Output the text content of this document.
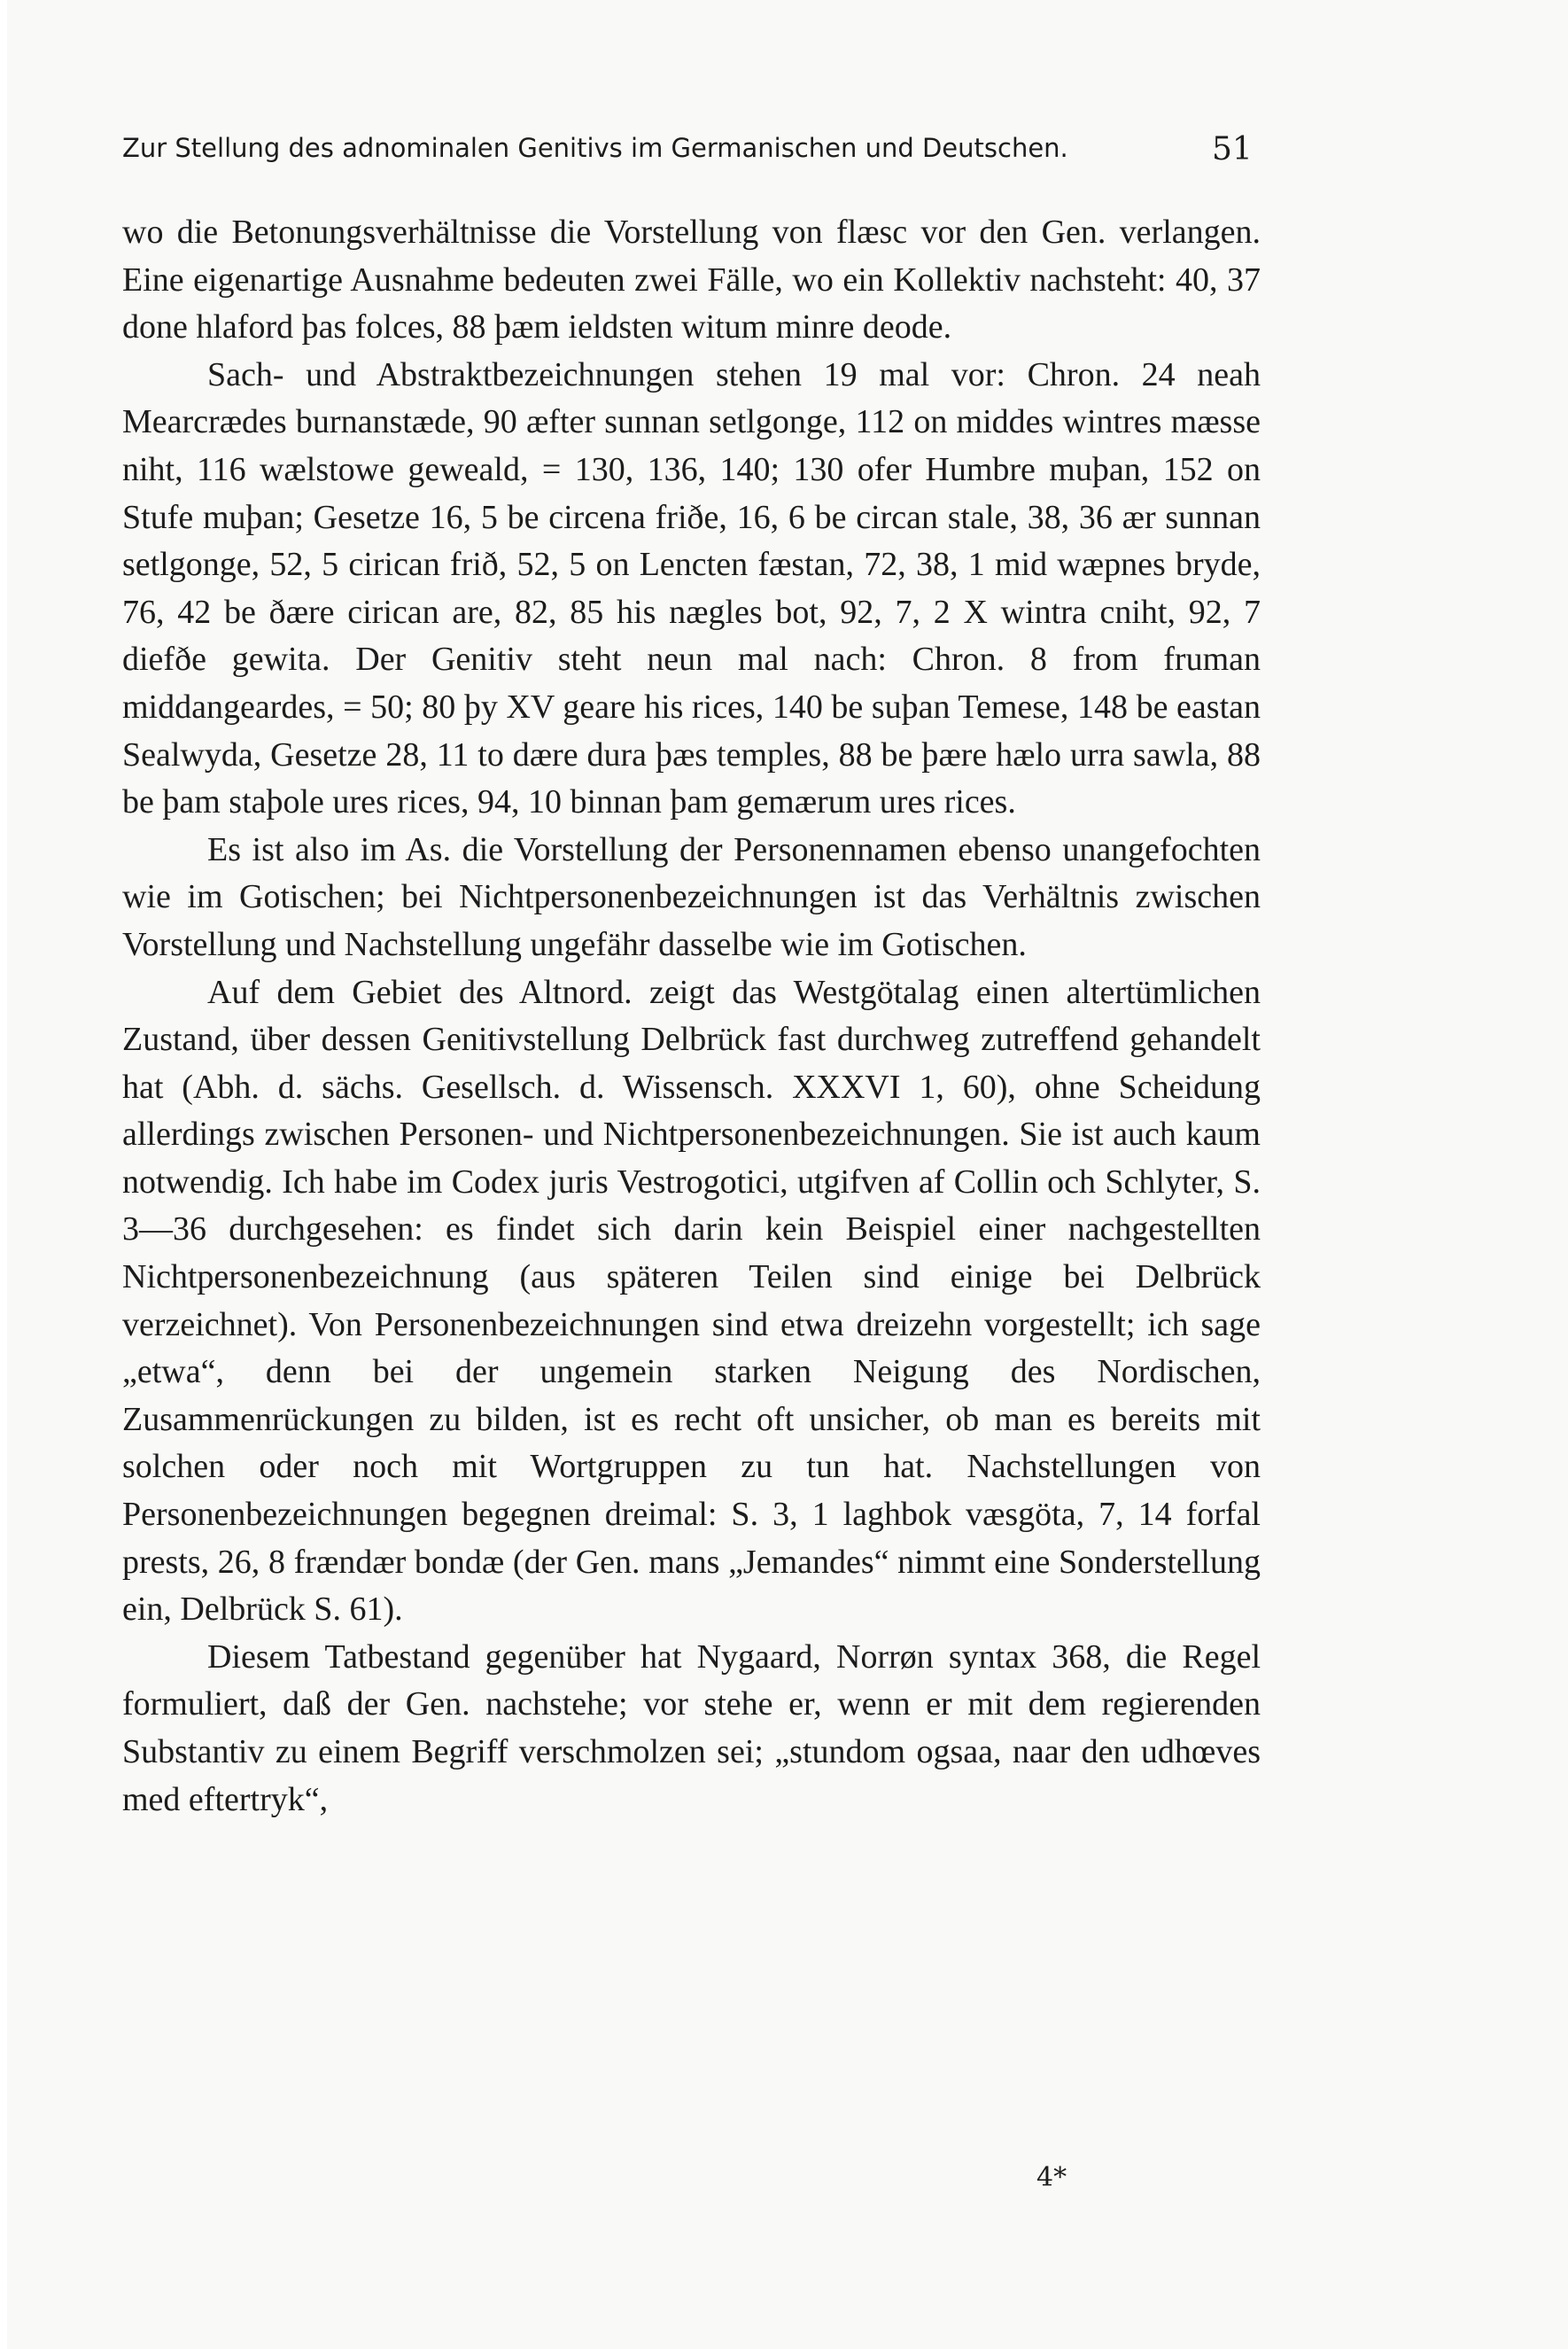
Zur Stellung des adnominalen Genitivs im Germanischen und Deutschen.	51

wo die Betonungsverhältnisse die Vorstellung von flæsc vor den Gen. verlangen. Eine eigenartige Ausnahme bedeuten zwei Fälle, wo ein Kollektiv nachsteht: 40, 37 done hlaford þas folces, 88 þæm ieldsten witum minre deode.

Sach- und Abstraktbezeichnungen stehen 19 mal vor: Chron. 24 neah Mearcrædes burnanstæde, 90 æfter sunnan setlgonge, 112 on middes wintres mæsse niht, 116 wælstowe geweald, = 130, 136, 140; 130 ofer Humbre muþan, 152 on Stufe muþan; Gesetze 16, 5 be circena friðe, 16, 6 be circan stale, 38, 36 ær sunnan setlgonge, 52, 5 cirican frið, 52, 5 on Lencten fæstan, 72, 38, 1 mid wæpnes bryde, 76, 42 be ðære cirican are, 82, 85 his nægles bot, 92, 7, 2 X wintra cniht, 92, 7 diefðe gewita. Der Genitiv steht neun mal nach: Chron. 8 from fruman middangeardes, = 50; 80 þy XV geare his rices, 140 be suþan Temese, 148 be eastan Sealwyda, Gesetze 28, 11 to dære dura þæs temples, 88 be þære hælo urra sawla, 88 be þam staþole ures rices, 94, 10 binnan þam gemærum ures rices.

Es ist also im As. die Vorstellung der Personennamen ebenso unangefochten wie im Gotischen; bei Nichtpersonenbezeichnungen ist das Verhältnis zwischen Vorstellung und Nachstellung ungefähr dasselbe wie im Gotischen.

Auf dem Gebiet des Altnord. zeigt das Westgötalag einen altertümlichen Zustand, über dessen Genitivstellung Delbrück fast durchweg zutreffend gehandelt hat (Abh. d. sächs. Gesellsch. d. Wissensch. XXXVI 1, 60), ohne Scheidung allerdings zwischen Personen- und Nichtpersonenbezeichnungen. Sie ist auch kaum notwendig. Ich habe im Codex juris Vestrogotici, utgifven af Collin och Schlyter, S. 3—36 durchgesehen: es findet sich darin kein Beispiel einer nachgestellten Nichtpersonenbezeichnung (aus späteren Teilen sind einige bei Delbrück verzeichnet). Von Personenbezeichnungen sind etwa dreizehn vorgestellt; ich sage „etwa“, denn bei der ungemein starken Neigung des Nordischen, Zusammenrückungen zu bilden, ist es recht oft unsicher, ob man es bereits mit solchen oder noch mit Wortgruppen zu tun hat. Nachstellungen von Personenbezeichnungen begegnen dreimal: S. 3, 1 laghbok væsgöta, 7, 14 forfal prests, 26, 8 frændær bondæ (der Gen. mans „Jemandes“ nimmt eine Sonderstellung ein, Delbrück S. 61).

Diesem Tatbestand gegenüber hat Nygaard, Norrøn syntax 368, die Regel formuliert, daß der Gen. nachstehe; vor stehe er, wenn er mit dem regierenden Substantiv zu einem Begriff verschmolzen sei; „stundom ogsaa, naar den udhœves med eftertryk“,

4*
